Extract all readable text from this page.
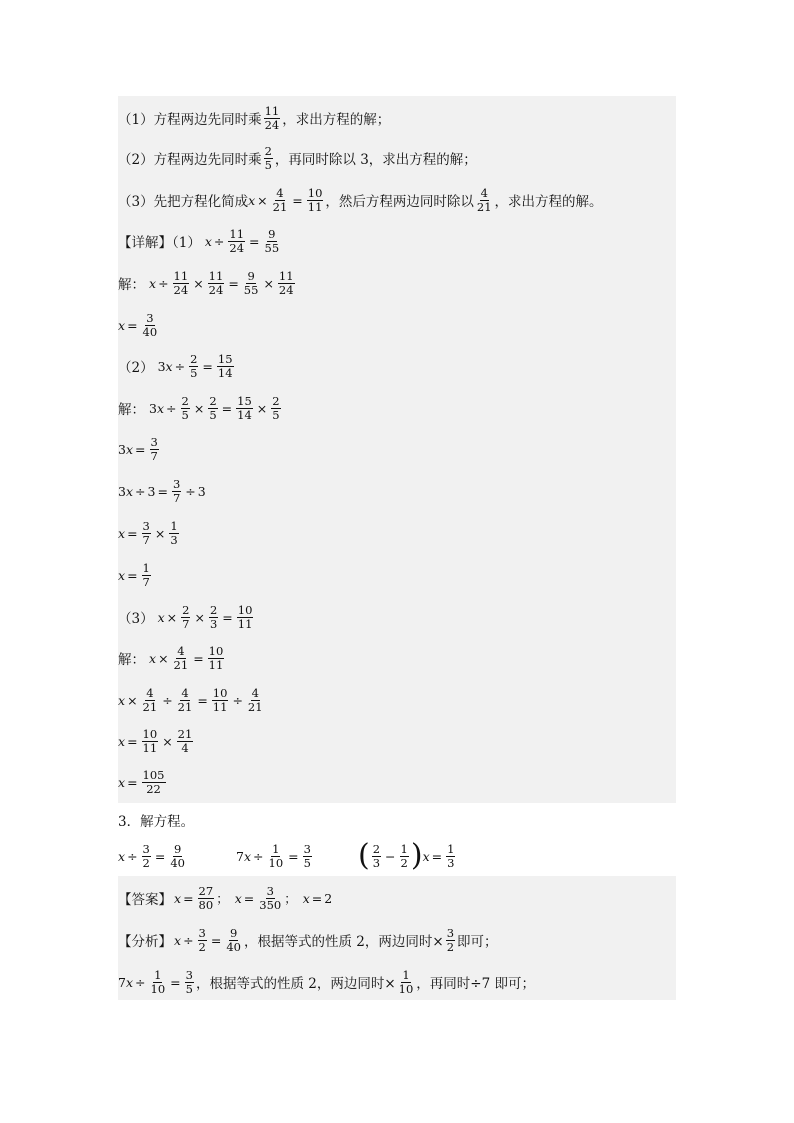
（1）方程两边先同时乘 $\frac{11}{24}$ ，求出方程的解；
（2）方程两边先同时乘 $\frac{2}{5}$ ，再同时除以 3，求出方程的解；
（3）先把方程化简成 $x \times \frac{4}{21} = \frac{10}{11}$ ，然后方程两边同时除以 $\frac{4}{21}$ ，求出方程的解。
【详解】（1） $x \div \frac{11}{24} = \frac{9}{55}$
解： $x \div \frac{11}{24} \times \frac{11}{24} = \frac{9}{55} \times \frac{11}{24}$
$x = \frac{3}{40}$
（2） 3 $x \div \frac{2}{5} = \frac{15}{14}$
解： 3 $x \div \frac{2}{5} \times \frac{2}{5} = \frac{15}{14} \times \frac{2}{5}$
3 $x = \frac{3}{7}$
3 $x \div 3 = \frac{3}{7} \div 3$
$x = \frac{3}{7} \times \frac{1}{3}$
$x = \frac{1}{7}$
（3） $x \times \frac{2}{7} \times \frac{2}{3} = \frac{10}{11}$
解： $x \times \frac{4}{21} = \frac{10}{11}$
$x \times \frac{4}{21} \div \frac{4}{21} = \frac{10}{11} \div \frac{4}{21}$
$x = \frac{10}{11} \times \frac{21}{4}$
$x = \frac{105}{22}$
3．解方程。
$x \div \frac{3}{2} = \frac{9}{40}$	7 $x \div \frac{1}{10} = \frac{3}{5}$ ( $\frac{2}{3} - \frac{1}{2}$ ) $x = \frac{1}{3}$
【答案】 $x = \frac{27}{80}$ ； $x = \frac{3}{350}$ ； x = 2
【分析】 $x \div \frac{3}{2} = \frac{9}{40}$ ，根据等式的性质 2，两边同时× $\frac{3}{2}$ 即可；
7 $x \div \frac{1}{10} = \frac{3}{5}$ ，根据等式的性质 2，两边同时× $\frac{1}{10}$ ，再同时÷7 即可；
